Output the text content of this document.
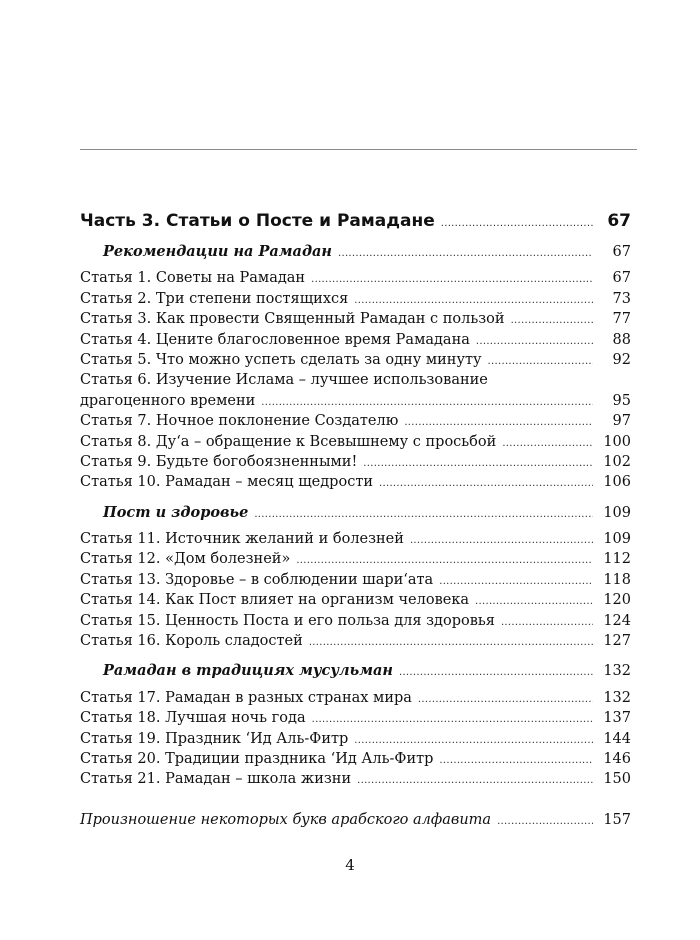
Часть 3. Статьи о Посте и Рамадане .....	67
Рекомендации на Рамадан .....	67
Статья 1. Советы на Рамадан .....	67
Статья 2. Три степени постящихся .....	73
Статья 3. Как провести Священный Рамадан с пользой .....	77
Статья 4. Цените благословенное время Рамадана .....	88
Статья 5. Что можно успеть сделать за одну минуту .....	92
Статья 6. Изучение Ислама – лучшее использование
драгоценного времени .....	95
Статья 7. Ночное поклонение Создателю .....	97
Статья 8. Ду‘а – обращение к Всевышнему с просьбой .....	100
Статья 9. Будьте богобоязненными! .....	102
Статья 10. Рамадан – месяц щедрости .....	106
Пост и здоровье .....	109
Статья 11. Источник желаний и болезней .....	109
Статья 12. «Дом болезней» .....	112
Статья 13. Здоровье – в соблюдении шари‘ата .....	118
Статья 14. Как Пост влияет на организм человека .....	120
Статья 15. Ценность Поста и его польза для здоровья .....	124
Статья 16. Король сладостей .....	127
Рамадан в традициях мусульман .....	132
Статья 17. Рамадан в разных странах мира .....	132
Статья 18. Лучшая ночь года .....	137
Статья 19. Праздник ‘Ид Аль-Фитр .....	144
Статья 20. Традиции праздника ‘Ид Аль-Фитр .....	146
Статья 21. Рамадан – школа жизни .....	150
Произношение некоторых букв арабского алфавита .....	157
4
